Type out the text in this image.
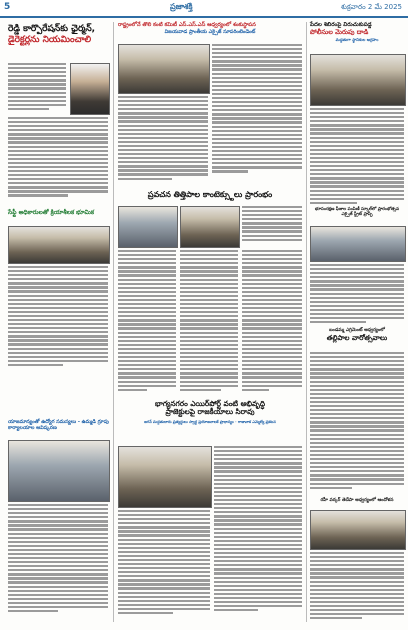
5	ప్రజాశక్తి	శుక్రవారం 2 మే 2025
రెడ్డి కార్పొరేషన్‌కు ఛైర్మన్,
డైరెక్టర్లను నియమించాలి
సేఫ్టీ అధికారులతో క్రియాశీలక భూమిక
యాజమాన్యంతో ఉద్యోగ సమస్యలు - ఉమ్మడి గ్రూపు కార్యాలయాల ఆవిష్కరణ
రాష్ట్రంలోనే తొలి కంటి కమిటీ ఎస్.ఎస్.ఎస్ ఆధ్వర్యంలో శంకుస్థాపన
విజయవాడ ప్రాంతీయ ఎక్సైజ్ సూపరింటెండెంట్
ప్రవచన తిత్తిపాల కాంటెక్స్టులు ప్రారంభం
భాగ్యనగరం ఎయిర్‌పోర్ట్ వంటి అభివృద్ధి
ప్రాజెక్టులపై రాజకీయాలు సిరావు
జగన్ మద్దతుదారు ప్రత్యర్థులు స్వార్థ ప్రయోజనాలకే ప్రాధాన్యం · గాజువాక ఎమ్మెల్యే ప్రకటన
పేదల శిబిరంపై విరుచుకుపడ్డ
పోలీసుల మెరుపు దాడి
మద్దతుగా స్థానికుల ఆగ్రహం
భూసంరక్షణ ఫీజుల పంపిణీ స్కూల్‌లో ప్రారంభోత్సవ ఎక్సైజ్ స్ట్రీట్ ప్రాప్ఫీ
బండమ్మ ఎగ్రిమెంట్ ఆధ్వర్యంలో
తల్లిపాల వారోత్సవాలు
రహీ వర్కర్ తెదేపా ఆధ్వర్యంలో ఆందోళన
